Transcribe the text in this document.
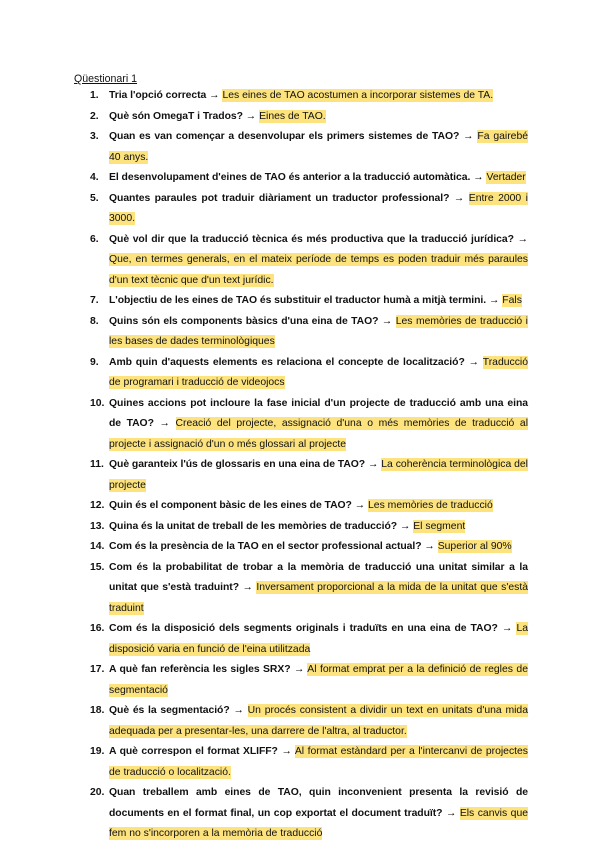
Qüestionari 1
1. Tria l'opció correcta → Les eines de TAO acostumen a incorporar sistemes de TA.
2. Què són OmegaT i Trados? → Eines de TAO.
3. Quan es van començar a desenvolupar els primers sistemes de TAO? → Fa gairebé 40 anys.
4. El desenvolupament d'eines de TAO és anterior a la traducció automàtica. → Vertader
5. Quantes paraules pot traduir diàriament un traductor professional? → Entre 2000 i 3000.
6. Què vol dir que la traducció tècnica és més productiva que la traducció jurídica? → Que, en termes generals, en el mateix període de temps es poden traduir més paraules d'un text tècnic que d'un text jurídic.
7. L'objectiu de les eines de TAO és substituir el traductor humà a mitjà termini. → Fals
8. Quins són els components bàsics d'una eina de TAO? → Les memòries de traducció i les bases de dades terminològiques
9. Amb quin d'aquests elements es relaciona el concepte de localització? → Traducció de programari i traducció de videojocs
10. Quines accions pot incloure la fase inicial d'un projecte de traducció amb una eina de TAO? → Creació del projecte, assignació d'una o més memòries de traducció al projecte i assignació d'un o més glossari al projecte
11. Què garanteix l'ús de glossaris en una eina de TAO? → La coherència terminològica del projecte
12. Quin és el component bàsic de les eines de TAO? → Les memòries de traducció
13. Quina és la unitat de treball de les memòries de traducció? → El segment
14. Com és la presència de la TAO en el sector professional actual? → Superior al 90%
15. Com és la probabilitat de trobar a la memòria de traducció una unitat similar a la unitat que s'està traduint? → Inversament proporcional a la mida de la unitat que s'està traduint
16. Com és la disposició dels segments originals i traduïts en una eina de TAO? → La disposició varia en funció de l'eina utilitzada
17. A què fan referència les sigles SRX? → Al format emprat per a la definició de regles de segmentació
18. Què és la segmentació? → Un procés consistent a dividir un text en unitats d'una mida adequada per a presentar-les, una darrere de l'altra, al traductor.
19. A què correspon el format XLIFF? → Al format estàndard per a l'intercanvi de projectes de traducció o localització.
20. Quan treballem amb eines de TAO, quin inconvenient presenta la revisió de documents en el format final, un cop exportat el document traduït? → Els canvis que fem no s'incorporen a la memòria de traducció
